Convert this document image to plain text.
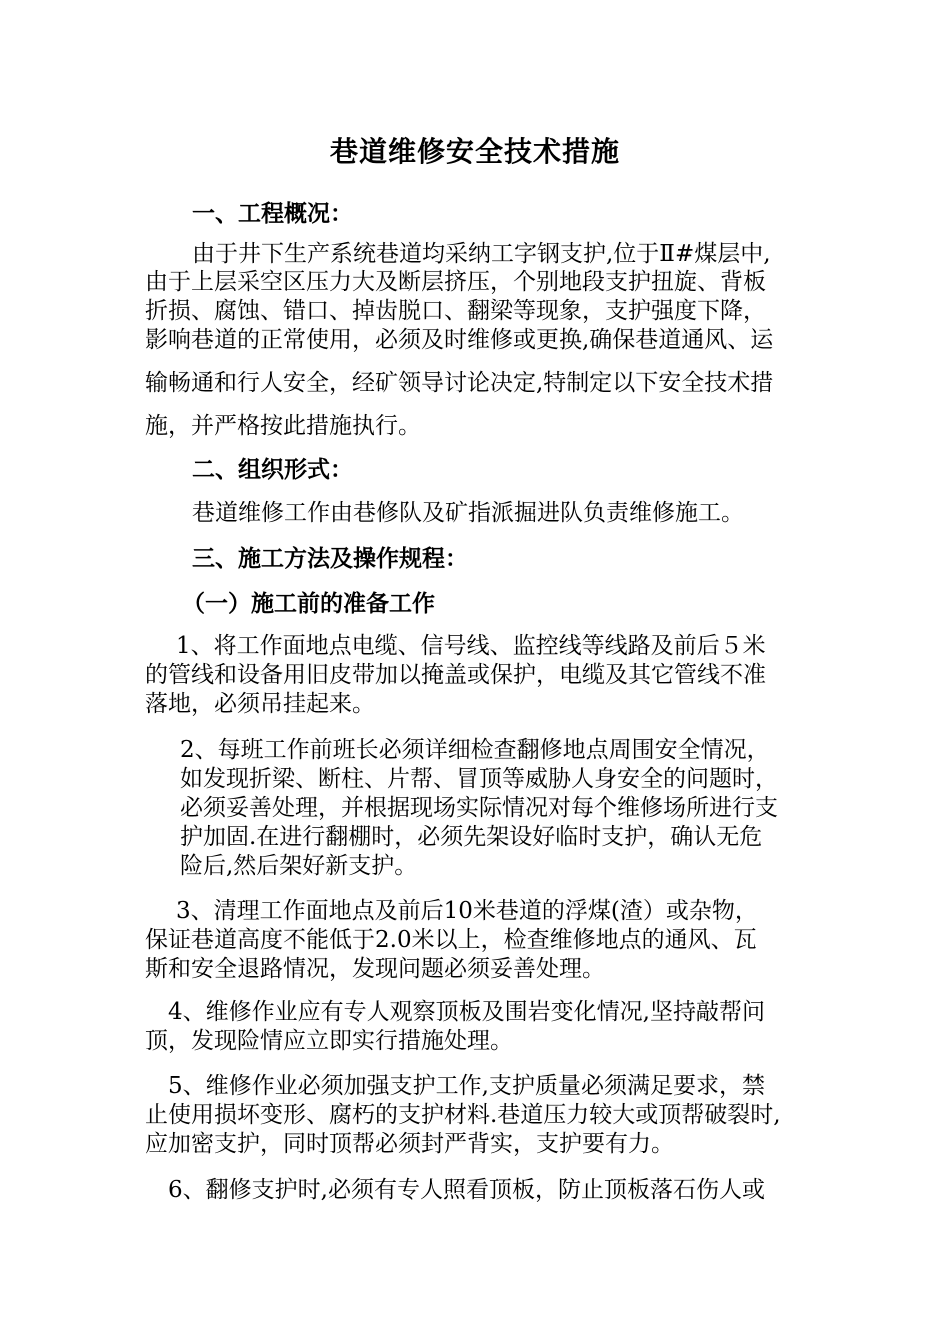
巷道维修安全技术措施
一、工程概况：
由于井下生产系统巷道均采纳工字钢支护,位于Ⅱ#煤层中,
由于上层采空区压力大及断层挤压，个别地段支护扭旋、背板
折损、腐蚀、错口、掉齿脱口、翻梁等现象，支护强度下降，
影响巷道的正常使用，必须及时维修或更换,确保巷道通风、运
输畅通和行人安全，经矿领导讨论决定,特制定以下安全技术措
施，并严格按此措施执行。
二、组织形式：
巷道维修工作由巷修队及矿指派掘进队负责维修施工。
三、施工方法及操作规程：
（一）施工前的准备工作
1、将工作面地点电缆、信号线、监控线等线路及前后５米
的管线和设备用旧皮带加以掩盖或保护，电缆及其它管线不准
落地，必须吊挂起来。
2、每班工作前班长必须详细检查翻修地点周围安全情况，
如发现折梁、断柱、片帮、冒顶等威胁人身安全的问题时，
必须妥善处理，并根据现场实际情况对每个维修场所进行支
护加固.在进行翻棚时，必须先架设好临时支护，确认无危
险后,然后架好新支护。
3、清理工作面地点及前后10米巷道的浮煤(渣）或杂物，
保证巷道高度不能低于2.0米以上，检查维修地点的通风、瓦
斯和安全退路情况，发现问题必须妥善处理。
4、维修作业应有专人观察顶板及围岩变化情况,坚持敲帮问
顶，发现险情应立即实行措施处理。
5、维修作业必须加强支护工作,支护质量必须满足要求，禁
止使用损坏变形、腐朽的支护材料.巷道压力较大或顶帮破裂时,
应加密支护，同时顶帮必须封严背实，支护要有力。
6、翻修支护时,必须有专人照看顶板，防止顶板落石伤人或
